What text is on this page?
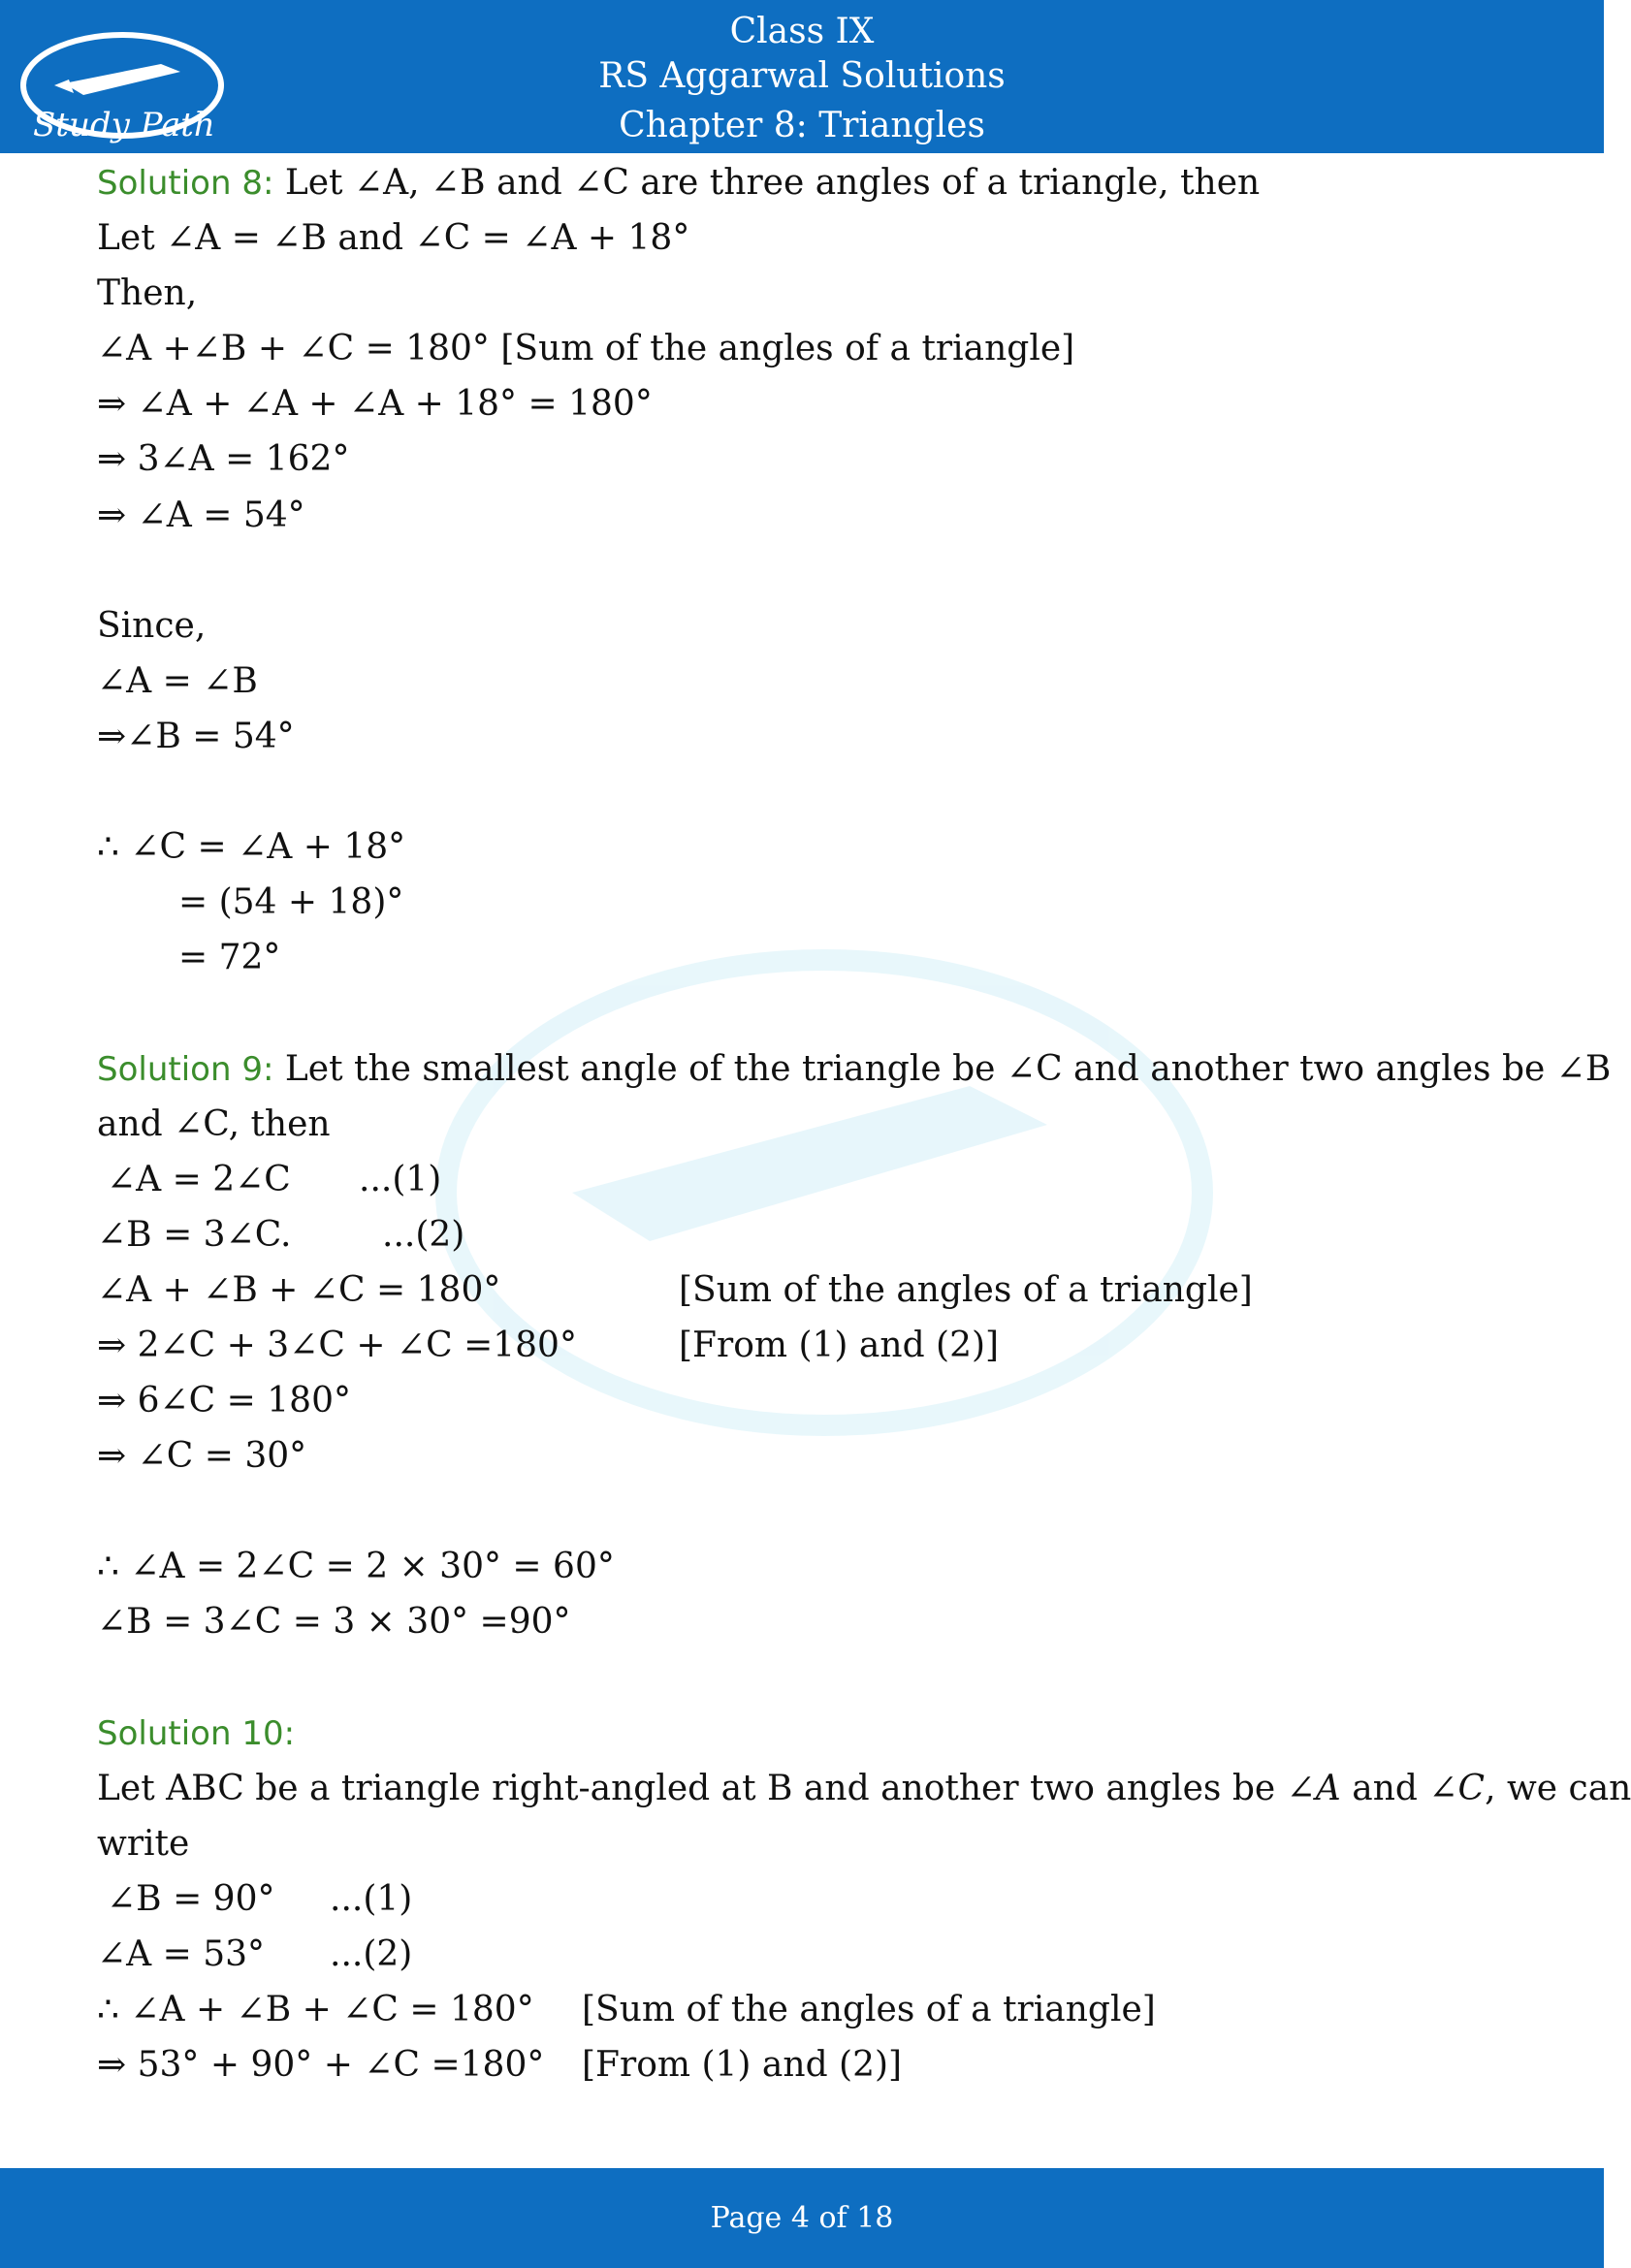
Study Path
Class IX
RS Aggarwal Solutions
Chapter 8: Triangles
Solution 8: Let ∠A, ∠B and ∠C are three angles of a triangle, then
Let ∠A = ∠B and ∠C = ∠A + 18°
Then,
∠A +∠B + ∠C = 180° [Sum of the angles of a triangle]
⇒ ∠A + ∠A + ∠A + 18° = 180°
⇒ 3∠A = 162°
⇒ ∠A = 54°
Since,
∠A = ∠B
⇒∠B = 54°
∴ ∠C = ∠A + 18°
= (54 + 18)°
= 72°
Solution 9: Let the smallest angle of the triangle be ∠C and another two angles be ∠B
and ∠C, then
∠A = 2∠C ...(1)
∠B = 3∠C.	...(2)
∠A + ∠B + ∠C = 180°	[Sum of the angles of a triangle]
⇒ 2∠C + 3∠C + ∠C =180°	[From (1) and (2)]
⇒ 6∠C = 180°
⇒ ∠C = 30°
∴ ∠A = 2∠C = 2 × 30° = 60°
∠B = 3∠C = 3 × 30° =90°
Solution 10:
Let ABC be a triangle right-angled at B and another two angles be ∠A and ∠C, we can
write
∠B = 90° ...(1)
∠A = 53° ...(2)
∴ ∠A + ∠B + ∠C = 180° [Sum of the angles of a triangle]
⇒ 53° + 90° + ∠C =180° [From (1) and (2)]
Page 4 of 18
